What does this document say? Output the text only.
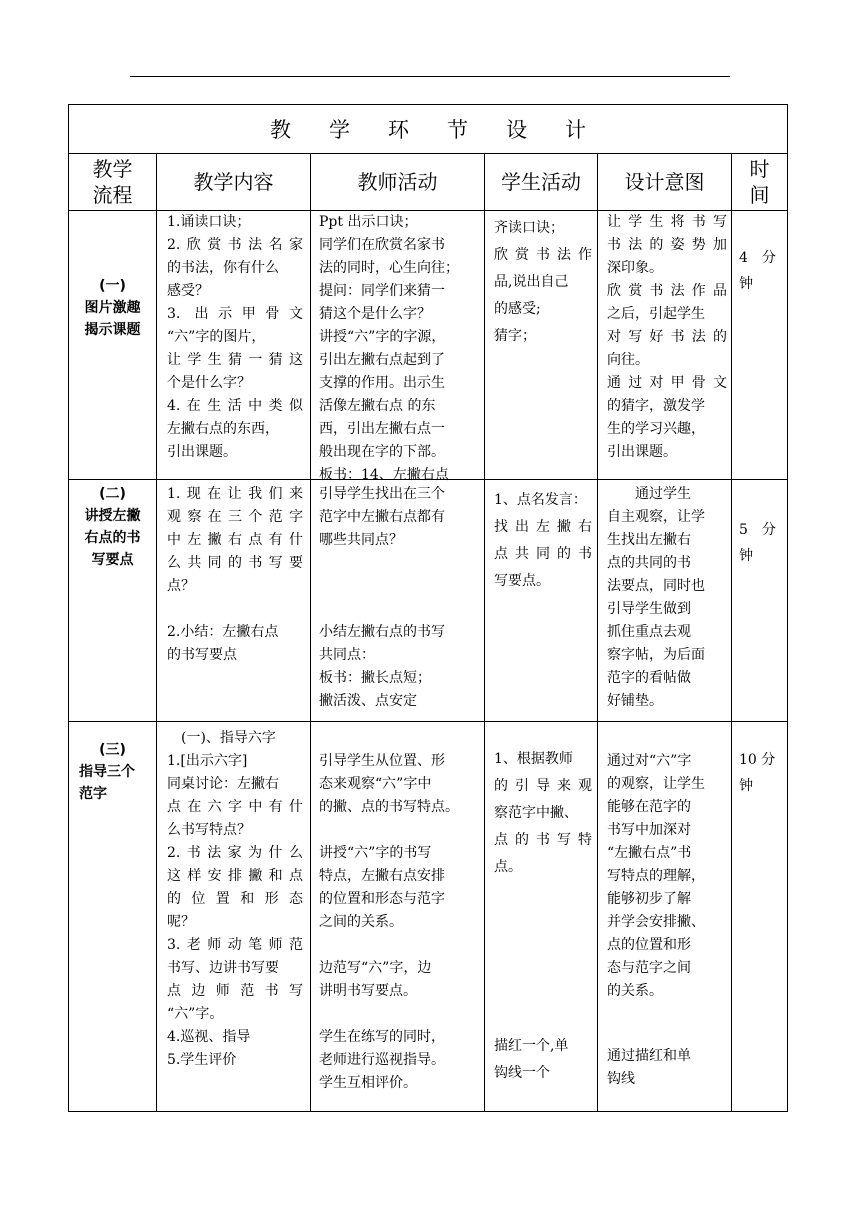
教学环节设计
教学
流程
教学内容	教师活动	学生活动 设计意图
时
间

(一)

图片激趣

揭示课题

1.诵读口诀；

2.欣赏书法名家

的书法，你有什么

感受？

3. 出示甲骨文

“六”字的图片，

让学生猜一猜这

个是什么字？

4.在生活中类似

左撇右点的东西，

引出课题。

Ppt 出示口诀；

同学们在欣赏名家书

法的同时，心生向往；

提问：同学们来猜一

猜这个是什么字？

讲授“六”字的字源，

引出左撇右点起到了

支撑的作用。出示生

活像左撇右点 的东

西，引出左撇右点一

般出现在字的下部。

板书：14、左撇右点

齐读口诀；

欣赏书法作

品,说出自己

的感受;

猜字；

让学生将书写

书法的姿势加

深印象。

欣赏书法作品

之后，引起学生

对写好书法的

向往。

通过对甲骨文

的猜字，激发学

生的学习兴趣，

引出课题。

4　分

钟

(二)

讲授左撇

右点的书

写要点

1.现在让我们来

观察在三个范字

中左撇右点有什

么共同的书写要

点？

2.小结：左撇右点

的书写要点

引导学生找出在三个

范字中左撇右点都有

哪些共同点？

小结左撇右点的书写

共同点：

板书：撇长点短；

撇活泼、点安定

1、点名发言：

找出左撇右

点共同的书

写要点。

　　通过学生

自主观察，让学

生找出左撇右

点的共同的书

法要点，同时也

引导学生做到

抓住重点去观

察字帖，为后面

范字的看帖做

好铺垫。

5　分

钟

(三)

指导三个

范字

　(一)、指导六字

1.[出示六字]

同桌讨论：左撇右

点在六字中有什

么书写特点？

2.书法家为什么

这样安排撇和点

的位置和形态

呢？

3.老师动笔师范

书写、边讲书写要

点边师范书写

“六”字。

4.巡视、指导

5.学生评价

引导学生从位置、形

态来观察“六”字中

的撇、点的书写特点。

讲授“六”字的书写

特点，左撇右点安排

的位置和形态与范字

之间的关系。

边范写“六”字，边

讲明书写要点。

学生在练写的同时，

老师进行巡视指导。

学生互相评价。

1、根据教师

的引导来观

察范字中撇、

点的书写特

点。

描红一个,单

钩线一个

通过对“六”字

的观察，让学生

能够在范字的

书写中加深对

“左撇右点”书

写特点的理解，

能够初步了解

并学会安排撇、

点的位置和形

态与范字之间

的关系。

通过描红和单

钩线

10 分

钟
